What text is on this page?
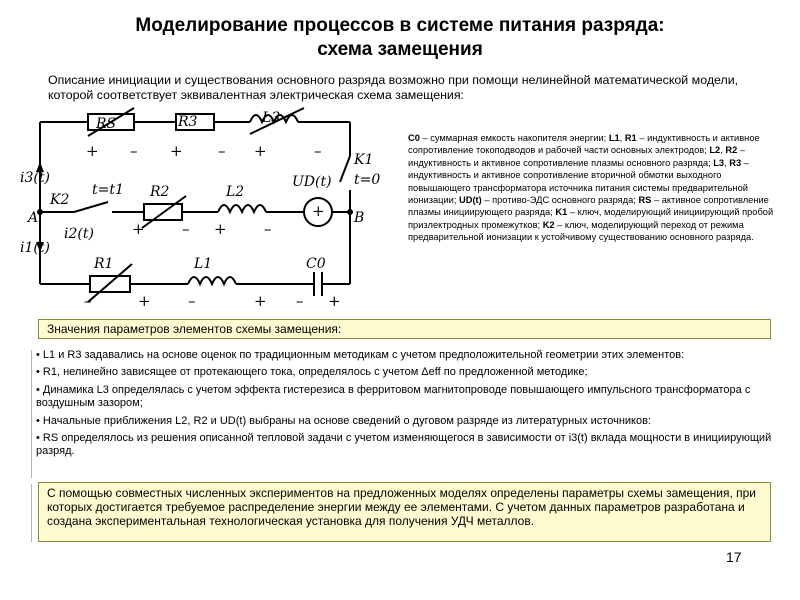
Моделирование процессов в системе питания разряда:
схема замещения
Описание инициации и существования основного разряда возможно при помощи нелинейной математической модели, которой соответствует эквивалентная электрическая схема замещения:
i3(t)
i1(t)
A	B
RS	R3	L3
K1
t=0
UD(t)
K2
t=t1 R2	L2
i2(t)
R1	L1	C0
+ – + – +	–
+
+ – + –
–	+ –	+ – +
C0 – суммарная емкость накопителя энергии; L1, R1 – индуктивность и активное сопротивление токоподводов и рабочей части основных электродов; L2, R2 – индуктивность и активное сопротивление плазмы основного разряда; L3, R3 – индуктивность и активное сопротивление вторичной обмотки выходного повышающего трансформатора источника питания системы предварительной ионизации; UD(t) – противо-ЭДС основного разряда; RS – активное сопротивление плазмы инициирующего разряда; K1 – ключ, моделирующий инициирующий пробой призлектродных промежутков; K2 – ключ, моделирующий переход от режима предварительной ионизации к устойчивому существованию основного разряда.
Значения параметров элементов схемы замещения:
• L1 и R3 задавались на основе оценок по традиционным методикам с учетом предположительной геометрии этих элементов:
• R1, нелинейно зависящее от протекающего тока, определялось с учетом Δeff по предложенной методике;
• Динамика L3 определялась с учетом эффекта гистерезиса в ферритовом магнитопроводе повышающего импульсного трансформатора с воздушным зазором;
• Начальные приближения L2, R2 и UD(t) выбраны на основе сведений о дуговом разряде из литературных источников:
• RS определялось из решения описанной тепловой задачи с учетом изменяющегося в зависимости от i3(t) вклада мощности в инициирующий разряд.
С помощью совместных численных экспериментов на предложенных моделях определены параметры схемы замещения, при которых достигается требуемое распределение энергии между ее элементами. С учетом данных параметров разработана и создана экспериментальная технологическая установка для получения УДЧ металлов.
17
